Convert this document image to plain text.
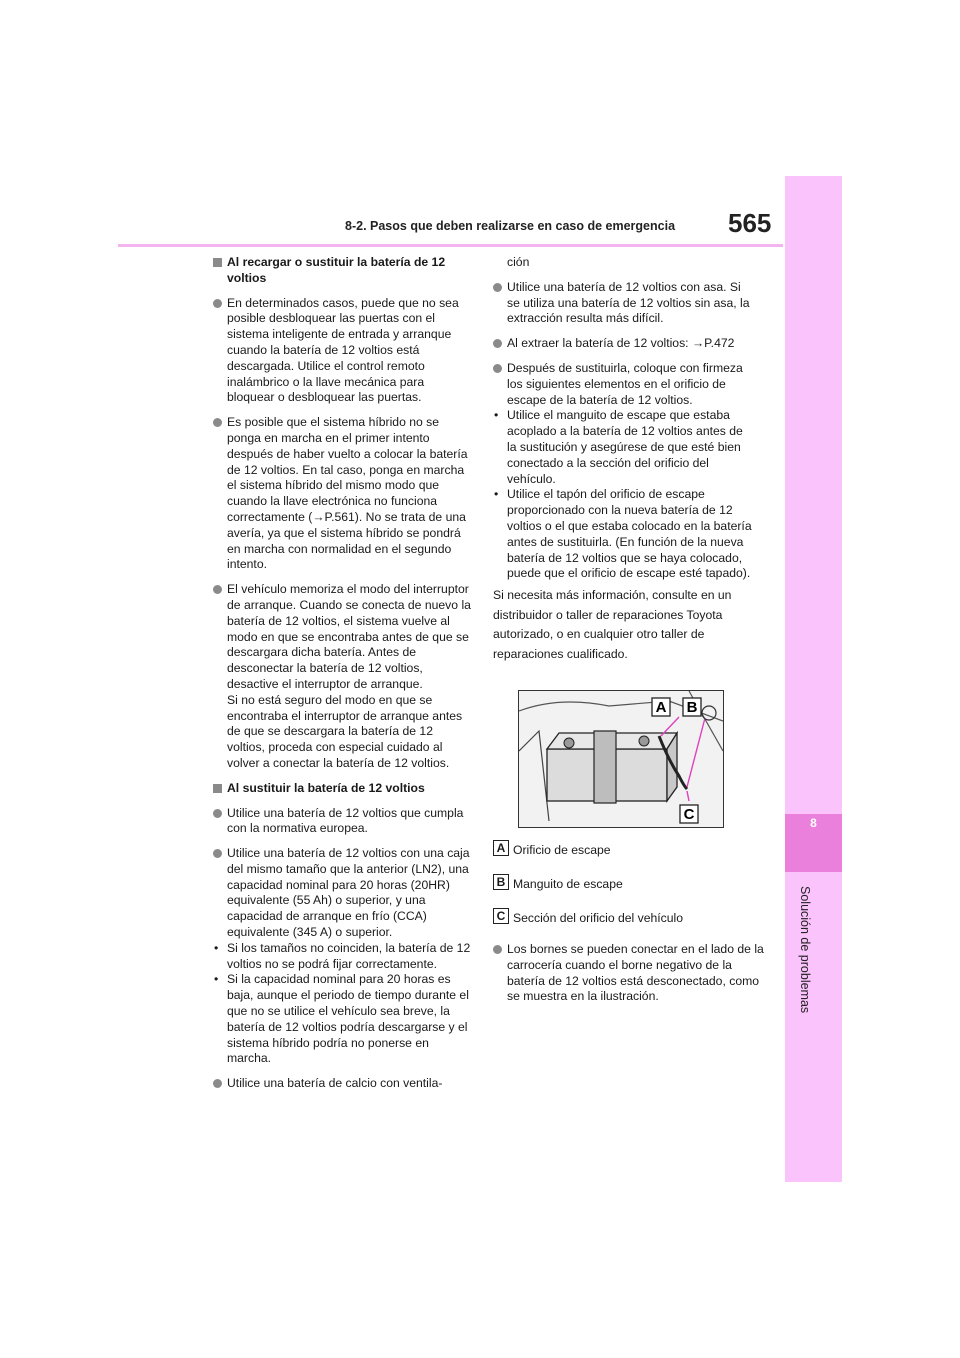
8-2. Pasos que deben realizarse en caso de emergencia 565
8
Solución de problemas
Al recargar o sustituir la batería de 12 voltios
En determinados casos, puede que no sea posible desbloquear las puertas con el sistema inteligente de entrada y arranque cuando la batería de 12 voltios está descargada. Utilice el control remoto inalámbrico o la llave mecánica para bloquear o desbloquear las puertas.
Es posible que el sistema híbrido no se ponga en marcha en el primer intento después de haber vuelto a colocar la batería de 12 voltios. En tal caso, ponga en marcha el sistema híbrido del mismo modo que cuando la llave electrónica no funciona correctamente (→P.561). No se trata de una avería, ya que el sistema híbrido se pondrá en marcha con normalidad en el segundo intento.

El vehículo memoriza el modo del interruptor de arranque. Cuando se conecta de nuevo la batería de 12 voltios, el sistema vuelve al modo en que se encontraba antes de que se descargara dicha batería. Antes de desconectar la batería de 12 voltios, desactive el interruptor de arranque.

Si no está seguro del modo en que se encontraba el interruptor de arranque antes de que se descargara la batería de 12 voltios, proceda con especial cuidado al volver a conectar la batería de 12 voltios.

Al sustituir la batería de 12 voltios
Utilice una batería de 12 voltios que cumpla con la normativa europea.
Utilice una batería de 12 voltios con una caja del mismo tamaño que la anterior (LN2), una capacidad nominal para 20 horas (20HR) equivalente (55 Ah) o superior, y una capacidad de arranque en frío (CCA) equivalente (345 A) o superior.
• Si los tamaños no coinciden, la batería de 12 voltios no se podrá fijar correctamente.
• Si la capacidad nominal para 20 horas es baja, aunque el periodo de tiempo durante el que no se utilice el vehículo sea breve, la batería de 12 voltios podría descargarse y el sistema híbrido podría no ponerse en marcha.
Utilice una batería de calcio con ventila-
ción
Utilice una batería de 12 voltios con asa. Si se utiliza una batería de 12 voltios sin asa, la extracción resulta más difícil.
Al extraer la batería de 12 voltios: →P.472
Después de sustituirla, coloque con firmeza los siguientes elementos en el orificio de escape de la batería de 12 voltios.
• Utilice el manguito de escape que estaba acoplado a la batería de 12 voltios antes de la sustitución y asegúrese de que esté bien conectado a la sección del orificio del vehículo.
• Utilice el tapón del orificio de escape proporcionado con la nueva batería de 12 voltios o el que estaba colocado en la batería antes de sustituirla. (En función de la nueva batería de 12 voltios que se haya colocado, puede que el orificio de escape esté tapado).

Si necesita más información, consulte en un distribuidor o taller de reparaciones Toyota autorizado, o en cualquier otro taller de reparaciones cualificado.

A B
C
A Orificio de escape
B Manguito de escape
C Sección del orificio del vehículo
Los bornes se pueden conectar en el lado de la carrocería cuando el borne negativo de la batería de 12 voltios está desconectado, como se muestra en la ilustración.
